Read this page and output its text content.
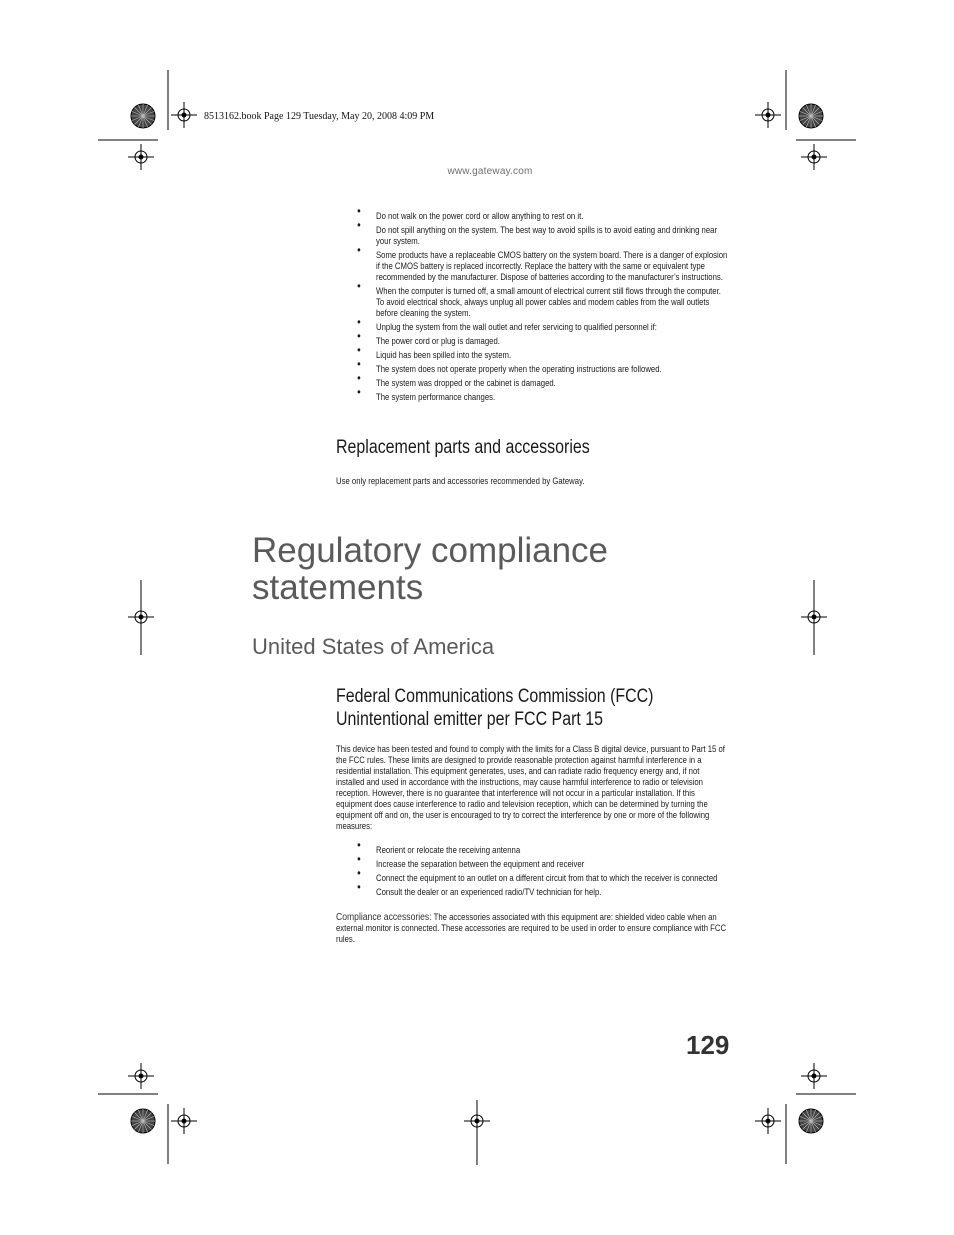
8513162.book Page 129 Tuesday, May 20, 2008 4:09 PM
www.gateway.com
• Do not walk on the power cord or allow anything to rest on it.
• Do not spill anything on the system. The best way to avoid spills is to avoid eating and drinking near your system.
• Some products have a replaceable CMOS battery on the system board. There is a danger of explosion if the CMOS battery is replaced incorrectly. Replace the battery with the same or equivalent type recommended by the manufacturer. Dispose of batteries according to the manufacturer’s instructions.
• When the computer is turned off, a small amount of electrical current still flows through the computer. To avoid electrical shock, always unplug all power cables and modem cables from the wall outlets before cleaning the system.
• Unplug the system from the wall outlet and refer servicing to qualified personnel if:
• The power cord or plug is damaged.
• Liquid has been spilled into the system.
• The system does not operate properly when the operating instructions are followed.
• The system was dropped or the cabinet is damaged.
• The system performance changes.
Replacement parts and accessories
Use only replacement parts and accessories recommended by Gateway.
Regulatory compliance statements
United States of America
Federal Communications Commission (FCC)
Unintentional emitter per FCC Part 15
This device has been tested and found to comply with the limits for a Class B digital device, pursuant to Part 15 of the FCC rules. These limits are designed to provide reasonable protection against harmful interference in a residential installation. This equipment generates, uses, and can radiate radio frequency energy and, if not installed and used in accordance with the instructions, may cause harmful interference to radio or television reception. However, there is no guarantee that interference will not occur in a particular installation. If this equipment does cause interference to radio and television reception, which can be determined by turning the equipment off and on, the user is encouraged to try to correct the interference by one or more of the following measures:
• Reorient or relocate the receiving antenna
• Increase the separation between the equipment and receiver
• Connect the equipment to an outlet on a different circuit from that to which the receiver is connected
• Consult the dealer or an experienced radio/TV technician for help.
Compliance accessories: The accessories associated with this equipment are: shielded video cable when an external monitor is connected. These accessories are required to be used in order to ensure compliance with FCC rules.
129
